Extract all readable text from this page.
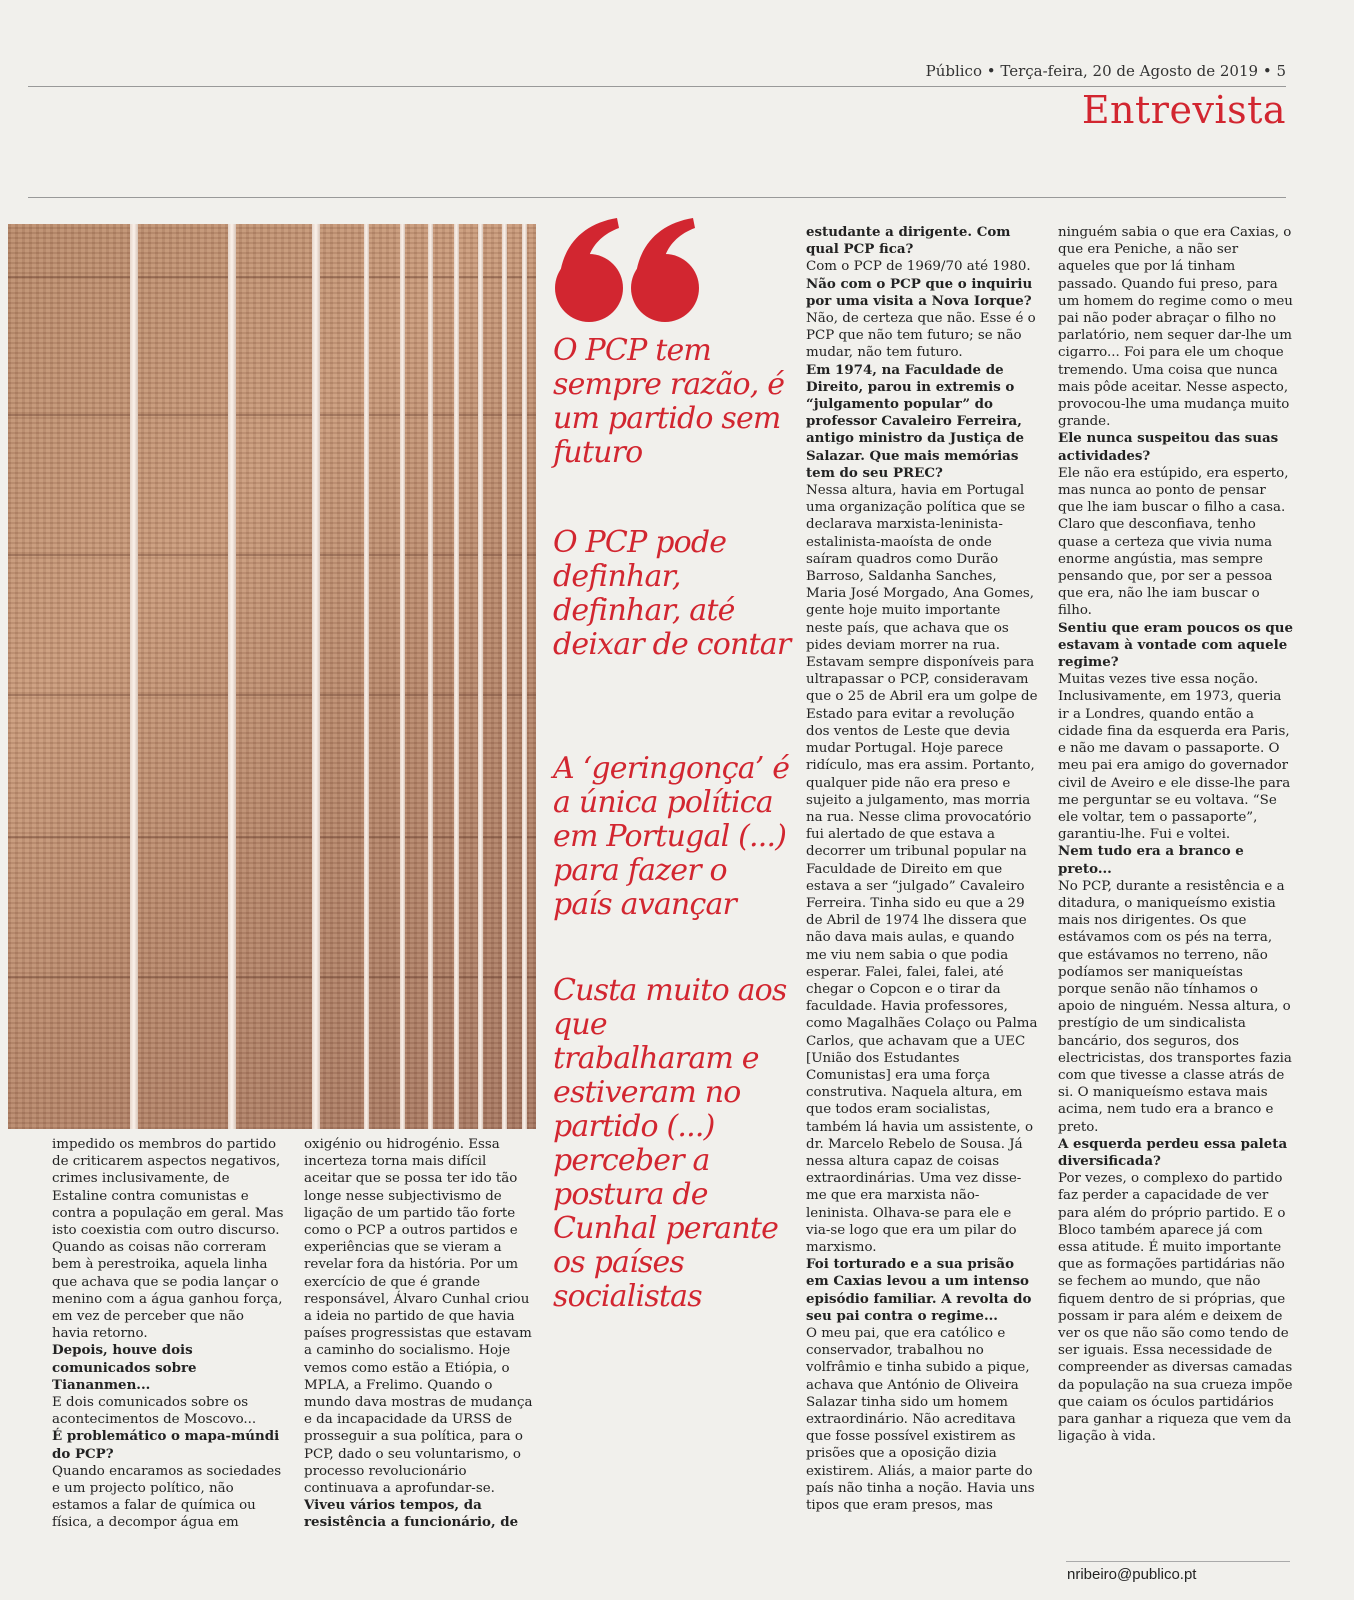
Público • Terça-feira, 20 de Agosto de 2019 • 5
Entrevista
O PCP tem sempre razão, é um partido sem futuro
O PCP pode definhar, definhar, até deixar de contar
A ‘geringonça’ é a única política em Portugal (...) para fazer o país avançar
Custa muito aos que trabalharam e estiveram no partido (...) perceber a postura de Cunhal perante os países socialistas

impedido os membros do partido de criticarem aspectos negativos, crimes inclusivamente, de Estaline contra comunistas e contra a população em geral. Mas isto coexistia com outro discurso. Quando as coisas não correram bem à perestroika, aquela linha que achava que se podia lançar o menino com a água ganhou força, em vez de perceber que não havia retorno.

Depois, houve dois comunicados sobre Tiananmen...

E dois comunicados sobre os acontecimentos de Moscovo...

É problemático o mapa-múndi do PCP?

Quando encaramos as sociedades e um projecto político, não estamos a falar de química ou física, a decompor água em

oxigénio ou hidrogénio. Essa incerteza torna mais difícil aceitar que se possa ter ido tão longe nesse subjectivismo de ligação de um partido tão forte como o PCP a outros partidos e experiências que se vieram a revelar fora da história. Por um exercício de que é grande responsável, Álvaro Cunhal criou a ideia no partido de que havia países progressistas que estavam a caminho do socialismo. Hoje vemos como estão a Etiópia, o MPLA, a Frelimo. Quando o mundo dava mostras de mudança e da incapacidade da URSS de prosseguir a sua política, para o PCP, dado o seu voluntarismo, o processo revolucionário continuava a aprofundar-se.

Viveu vários tempos, da resistência a funcionário, de

estudante a dirigente. Com qual PCP fica?

Com o PCP de 1969/70 até 1980.

Não com o PCP que o inquiriu por uma visita a Nova Iorque?

Não, de certeza que não. Esse é o PCP que não tem futuro; se não mudar, não tem futuro.

Em 1974, na Faculdade de Direito, parou in extremis o “julgamento popular” do professor Cavaleiro Ferreira, antigo ministro da Justiça de Salazar. Que mais memórias tem do seu PREC?

Nessa altura, havia em Portugal uma organização política que se declarava marxista-leninista-estalinista-maoísta de onde saíram quadros como Durão Barroso, Saldanha Sanches, Maria José Morgado, Ana Gomes, gente hoje muito importante neste país, que achava que os pides deviam morrer na rua. Estavam sempre disponíveis para ultrapassar o PCP, consideravam que o 25 de Abril era um golpe de Estado para evitar a revolução dos ventos de Leste que devia mudar Portugal. Hoje parece ridículo, mas era assim. Portanto, qualquer pide não era preso e sujeito a julgamento, mas morria na rua. Nesse clima provocatório fui alertado de que estava a decorrer um tribunal popular na Faculdade de Direito em que estava a ser “julgado” Cavaleiro Ferreira. Tinha sido eu que a 29 de Abril de 1974 lhe dissera que não dava mais aulas, e quando me viu nem sabia o que podia esperar. Falei, falei, falei, até chegar o Copcon e o tirar da faculdade. Havia professores, como Magalhães Colaço ou Palma Carlos, que achavam que a UEC [União dos Estudantes Comunistas] era uma força construtiva. Naquela altura, em que todos eram socialistas, também lá havia um assistente, o dr. Marcelo Rebelo de Sousa. Já nessa altura capaz de coisas extraordinárias. Uma vez disse-me que era marxista não-leninista. Olhava-se para ele e via-se logo que era um pilar do marxismo.

Foi torturado e a sua prisão em Caxias levou a um intenso episódio familiar. A revolta do seu pai contra o regime...

O meu pai, que era católico e conservador, trabalhou no volfrâmio e tinha subido a pique, achava que António de Oliveira Salazar tinha sido um homem extraordinário. Não acreditava que fosse possível existirem as prisões que a oposição dizia existirem. Aliás, a maior parte do país não tinha a noção. Havia uns tipos que eram presos, mas

ninguém sabia o que era Caxias, o que era Peniche, a não ser aqueles que por lá tinham passado. Quando fui preso, para um homem do regime como o meu pai não poder abraçar o filho no parlatório, nem sequer dar-lhe um cigarro... Foi para ele um choque tremendo. Uma coisa que nunca mais pôde aceitar. Nesse aspecto, provocou-lhe uma mudança muito grande.

Ele nunca suspeitou das suas actividades?

Ele não era estúpido, era esperto, mas nunca ao ponto de pensar que lhe iam buscar o filho a casa. Claro que desconfiava, tenho quase a certeza que vivia numa enorme angústia, mas sempre pensando que, por ser a pessoa que era, não lhe iam buscar o filho.

Sentiu que eram poucos os que estavam à vontade com aquele regime?

Muitas vezes tive essa noção. Inclusivamente, em 1973, queria ir a Londres, quando então a cidade fina da esquerda era Paris, e não me davam o passaporte. O meu pai era amigo do governador civil de Aveiro e ele disse-lhe para me perguntar se eu voltava. “Se ele voltar, tem o passaporte”, garantiu-lhe. Fui e voltei.

Nem tudo era a branco e preto...

No PCP, durante a resistência e a ditadura, o maniqueísmo existia mais nos dirigentes. Os que estávamos com os pés na terra, que estávamos no terreno, não podíamos ser maniqueístas porque senão não tínhamos o apoio de ninguém. Nessa altura, o prestígio de um sindicalista bancário, dos seguros, dos electricistas, dos transportes fazia com que tivesse a classe atrás de si. O maniqueísmo estava mais acima, nem tudo era a branco e preto.

A esquerda perdeu essa paleta diversificada?

Por vezes, o complexo do partido faz perder a capacidade de ver para além do próprio partido. E o Bloco também aparece já com essa atitude. É muito importante que as formações partidárias não se fechem ao mundo, que não fiquem dentro de si próprias, que possam ir para além e deixem de ver os que não são como tendo de ser iguais. Essa necessidade de compreender as diversas camadas da população na sua crueza impõe que caiam os óculos partidários para ganhar a riqueza que vem da ligação à vida.

nribeiro@publico.pt
